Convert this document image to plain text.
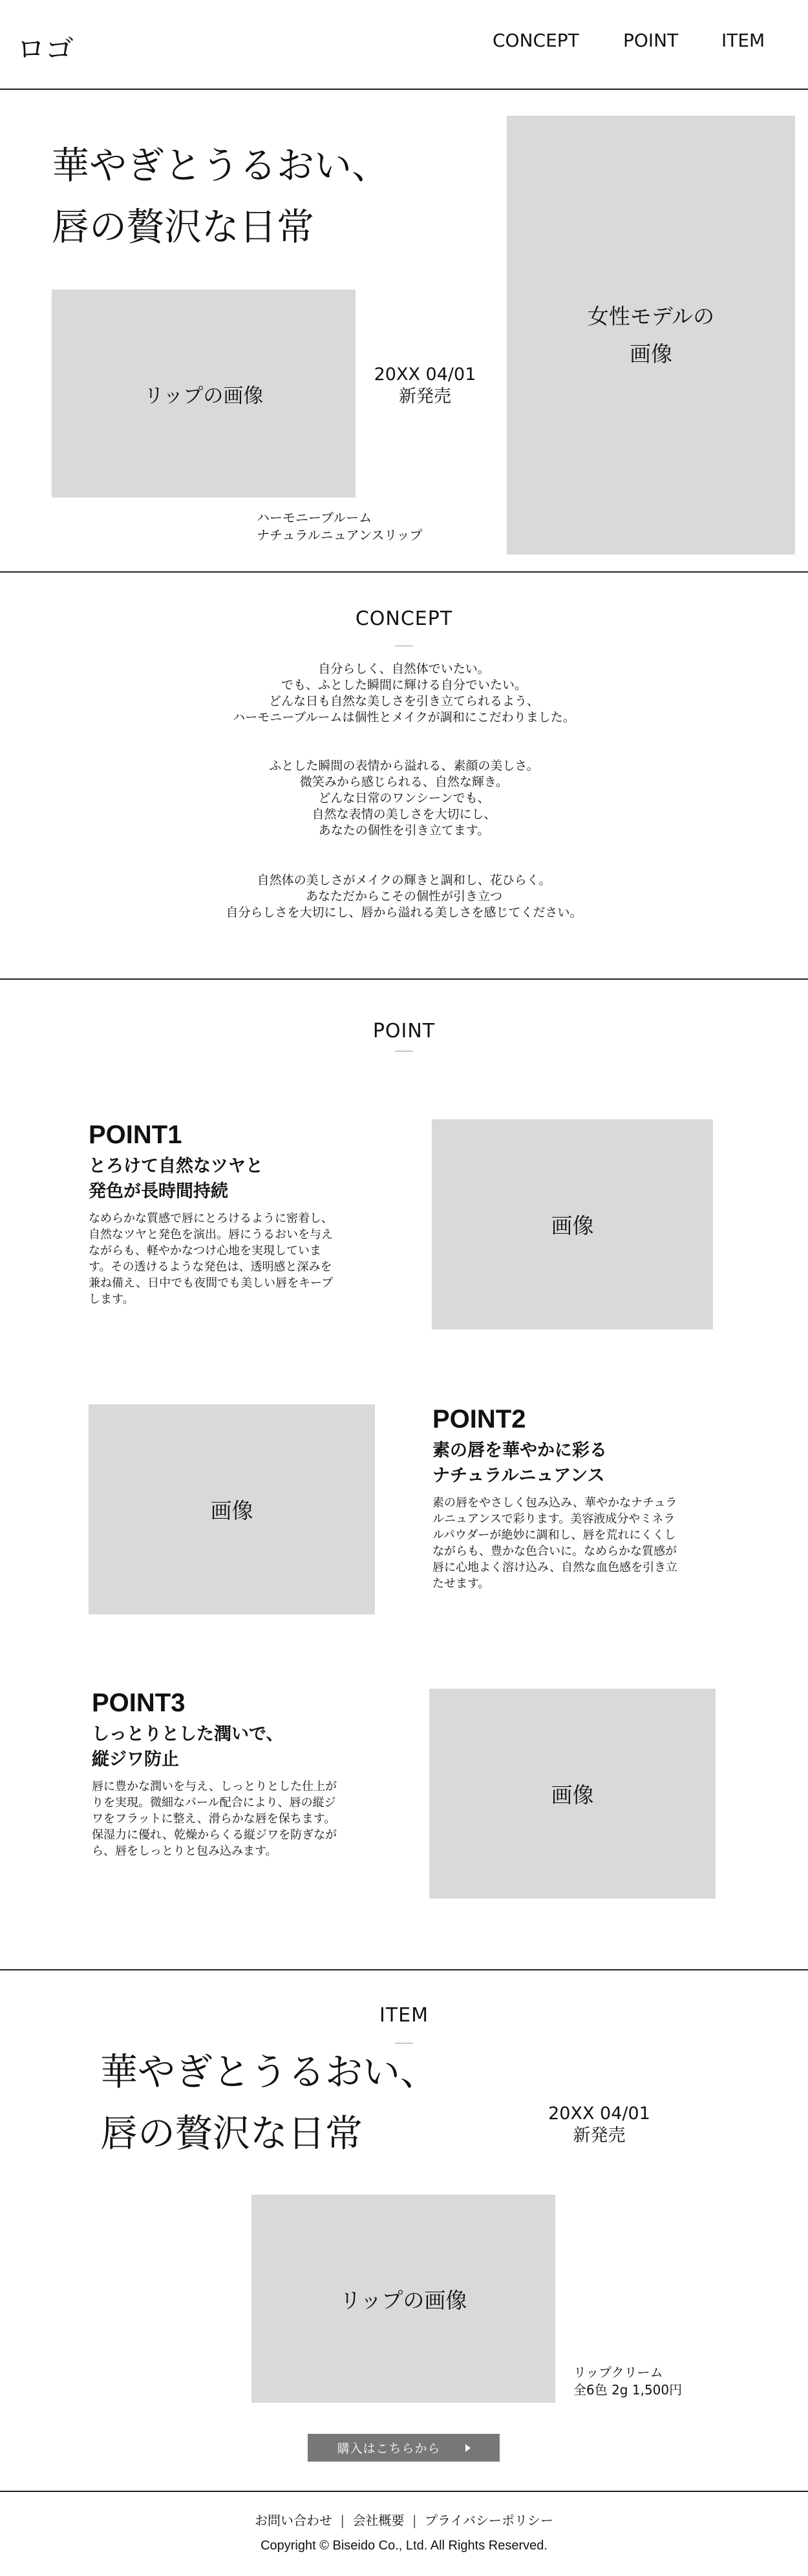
ロゴ	CONCEPT POINT ITEM
華やぎとうるおい、
唇の贅沢な日常
リップの画像
20XX 04/01
新発売
ハーモニーブルーム
ナチュラルニュアンスリップ
女性モデルの
画像
CONCEPT
自分らしく、自然体でいたい。
でも、ふとした瞬間に輝ける自分でいたい。
どんな日も自然な美しさを引き立てられるよう、
ハーモニーブルームは個性とメイクが調和にこだわりました。
ふとした瞬間の表情から溢れる、素顔の美しさ。
微笑みから感じられる、自然な輝き。
どんな日常のワンシーンでも、
自然な表情の美しさを大切にし、
あなたの個性を引き立てます。
自然体の美しさがメイクの輝きと調和し、花ひらく。
あなただからこその個性が引き立つ
自分らしさを大切にし、唇から溢れる美しさを感じてください。
POINT
POINT1
とろけて自然なツヤと
発色が長時間持続
なめらかな質感で唇にとろけるように密着し、
自然なツヤと発色を演出。唇にうるおいを与え
ながらも、軽やかなつけ心地を実現していま
す。その透けるような発色は、透明感と深みを
兼ね備え、日中でも夜間でも美しい唇をキープ
します。
画像
画像
POINT2
素の唇を華やかに彩る
ナチュラルニュアンス
素の唇をやさしく包み込み、華やかなナチュラ
ルニュアンスで彩ります。美容液成分やミネラ
ルパウダーが絶妙に調和し、唇を荒れにくくし
ながらも、豊かな色合いに。なめらかな質感が
唇に心地よく溶け込み、自然な血色感を引き立
たせます。
POINT3
しっとりとした潤いで、
縦ジワ防止
唇に豊かな潤いを与え、しっとりとした仕上が
りを実現。微細なパール配合により、唇の縦ジ
ワをフラットに整え、滑らかな唇を保ちます。
保湿力に優れ、乾燥からくる縦ジワを防ぎなが
ら、唇をしっとりと包み込みます。
画像
ITEM
華やぎとうるおい、
唇の贅沢な日常	20XX 04/01
新発売
リップの画像
リップクリーム
全6色 2g 1,500円
購入はこちらから
お問い合わせ | 会社概要 | プライバシーポリシー
Copyright © Biseido Co., Ltd. All Rights Reserved.
